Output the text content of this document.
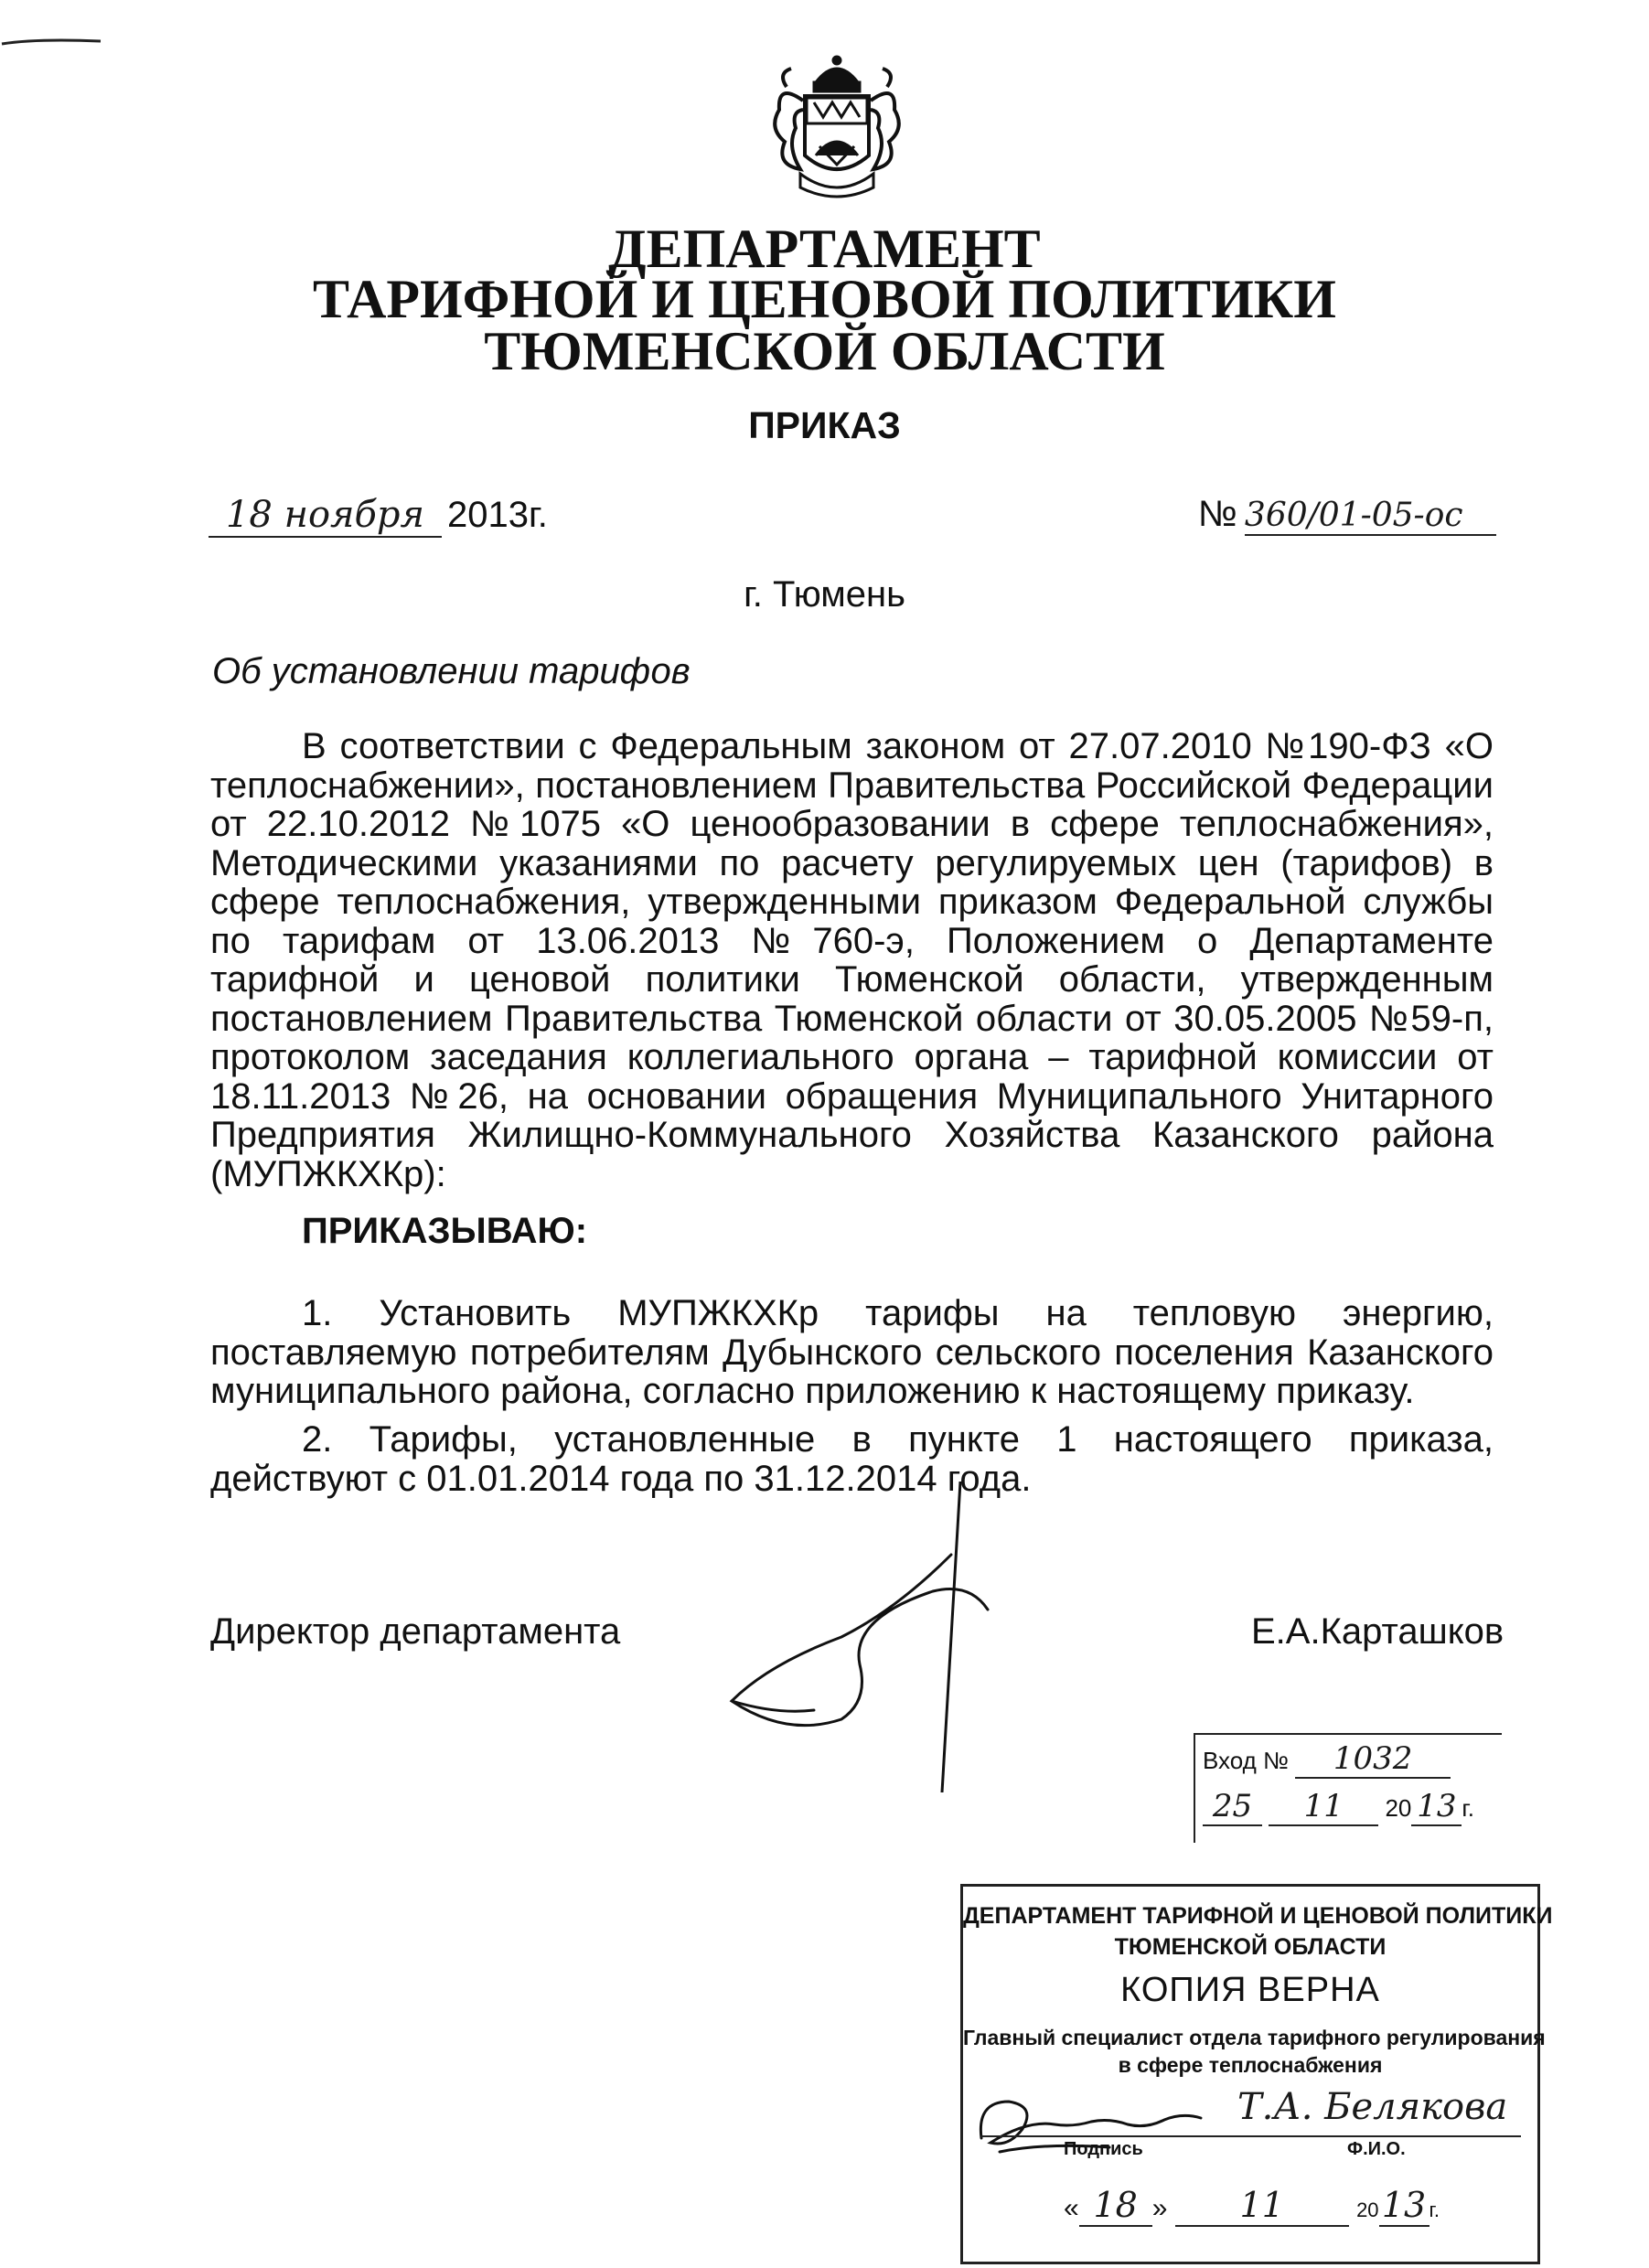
ДЕПАРТАМЕНТ
ТАРИФНОЙ И ЦЕНОВОЙ ПОЛИТИКИ
ТЮМЕНСКОЙ ОБЛАСТИ
ПРИКАЗ
18 ноября 2013г.	№ 360/01-05-ос
г. Тюмень
Об установлении тарифов

В соответствии с Федеральным законом от 27.07.2010 №190-ФЗ «О теплоснабжении», постановлением Правительства Российской Федерации от 22.10.2012 №1075 «О ценообразовании в сфере теплоснабжения», Методическими указаниями по расчету регулируемых цен (тарифов) в сфере теплоснабжения, утвержденными приказом Федеральной службы по тарифам от 13.06.2013 №760-э, Положением о Департаменте тарифной и ценовой политики Тюменской области, утвержденным постановлением Правительства Тюменской области от 30.05.2005 №59-п, протоколом заседания коллегиального органа – тарифной комиссии от 18.11.2013 №26, на основании обращения Муниципального Унитарного Предприятия Жилищно-Коммунального Хозяйства Казанского района (МУПЖКХКр):

ПРИКАЗЫВАЮ:

1. Установить МУПЖКХКр тарифы на тепловую энергию, поставляемую потребителям Дубынского сельского поселения Казанского муниципального района, согласно приложению к настоящему приказу.

2. Тарифы, установленные в пункте 1 настоящего приказа, действуют с 01.01.2014 года по 31.12.2014 года.

Директор департамента	Е.А.Карташков
Вход № 1032
25 11 20 13 г.
ДЕПАРТАМЕНТ ТАРИФНОЙ И ЦЕНОВОЙ ПОЛИТИКИ
ТЮМЕНСКОЙ ОБЛАСТИ
КОПИЯ ВЕРНА
Главный специалист отдела тарифного регулирования
в сфере теплоснабжения
Т.А. Белякова
Подпись	Ф.И.О.
« 18 » 11	2013 г.
